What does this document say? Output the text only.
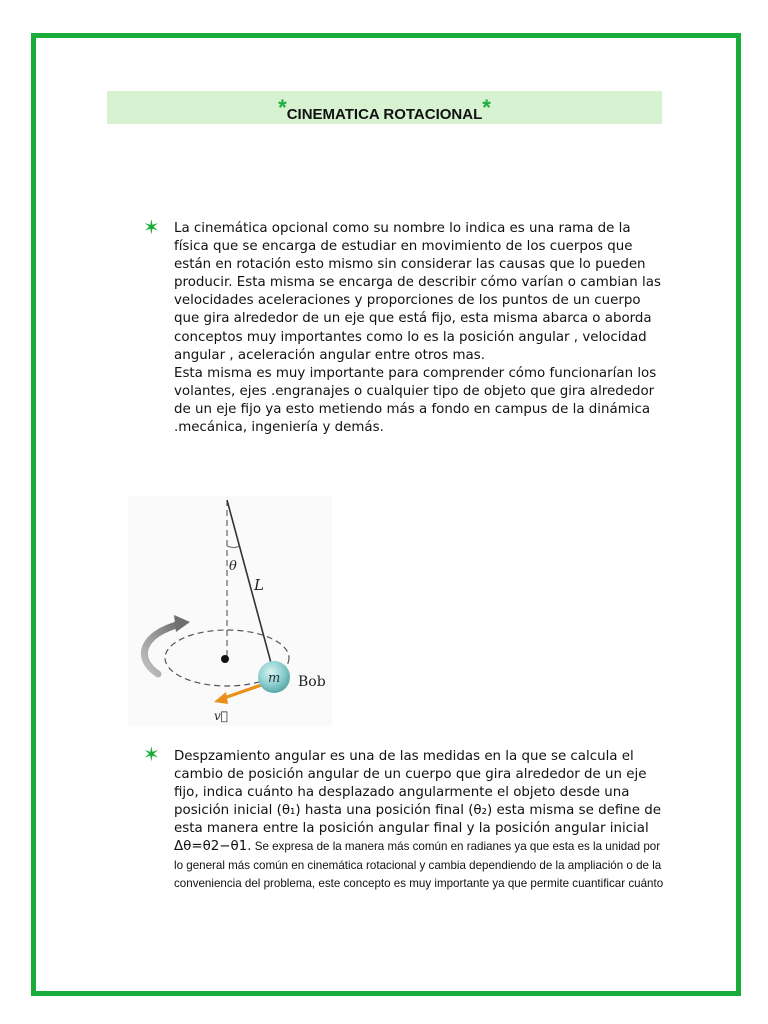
*CINEMATICA ROTACIONAL*
✶ La cinemática opcional como su nombre lo indica es una rama de la física que se encarga de estudiar en movimiento de los cuerpos que están en rotación esto mismo sin considerar las causas que lo pueden producir. Esta misma se encarga de describir cómo varían o cambian las velocidades aceleraciones y proporciones de los puntos de un cuerpo que gira alrededor de un eje que está fijo, esta misma abarca o aborda conceptos muy importantes como lo es la posición angular , velocidad angular , aceleración angular entre otros mas.

Esta misma es muy importante para comprender cómo funcionarían los volantes, ejes .engranajes o cualquier tipo de objeto que gira alrededor de un eje fijo ya esto metiendo más a fondo en campus de la dinámica .mecánica, ingeniería y demás.

θ
L
m Bob
v⃗
✶ Despzamiento angular es una de las medidas en la que se calcula el cambio de posición angular de un cuerpo que gira alrededor de un eje fijo, indica cuánto ha desplazado angularmente el objeto desde una posición inicial (θ₁) hasta una posición final (θ₂) esta misma se define de esta manera entre la posición angular final y la posición angular inicial Δθ=θ2−θ1. Se expresa de la manera más común en radianes ya que esta es la unidad por lo general más común en cinemática rotacional y cambia dependiendo de la ampliación o de la conveniencia del problema, este concepto es muy importante ya que permite cuantificar cuánto
